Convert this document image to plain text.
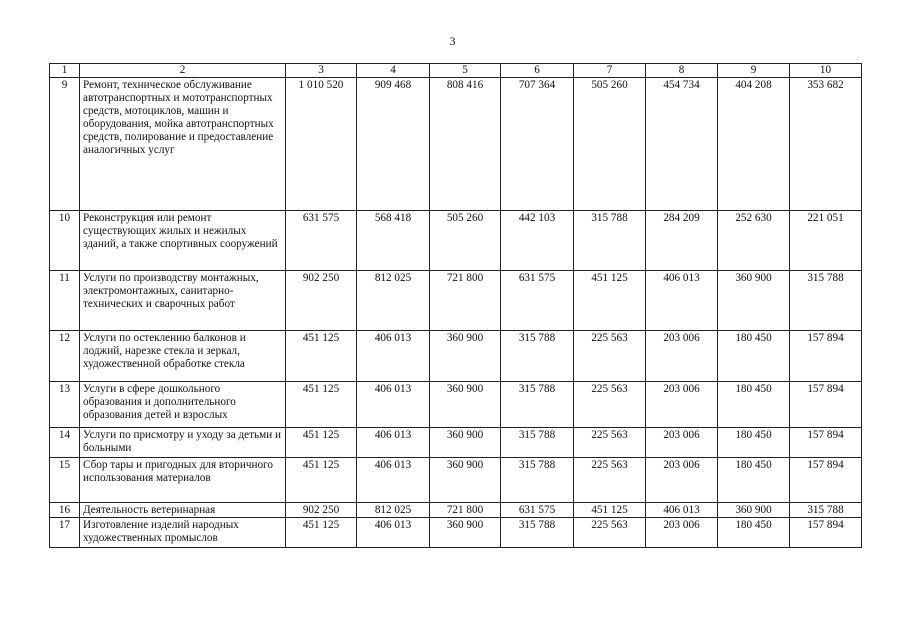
3
1	2	3	4	5	6	7	8	9	10
9	Ремонт, техническое обслуживание автотранспортных и мототранспортных средств, мотоциклов, машин и оборудования, мойка автотранспортных средств, полирование и предоставление аналогичных услуг	1 010 520	909 468	808 416	707 364	505 260	454 734	404 208	353 682
10	Реконструкция или ремонт существующих жилых и нежилых зданий, а также спортивных сооружений	631 575	568 418	505 260	442 103	315 788	284 209	252 630	221 051
11	Услуги по производству монтажных, электромонтажных, санитарно-технических и сварочных работ	902 250	812 025	721 800	631 575	451 125	406 013	360 900	315 788
12	Услуги по остеклению балконов и лоджий, нарезке стекла и зеркал, художественной обработке стекла	451 125	406 013	360 900	315 788	225 563	203 006	180 450	157 894
13	Услуги в сфере дошкольного образования и дополнительного образования детей и взрослых	451 125	406 013	360 900	315 788	225 563	203 006	180 450	157 894
14	Услуги по присмотру и уходу за детьми и больными	451 125	406 013	360 900	315 788	225 563	203 006	180 450	157 894
15	Сбор тары и пригодных для вторичного использования материалов	451 125	406 013	360 900	315 788	225 563	203 006	180 450	157 894
16	Деятельность ветеринарная	902 250	812 025	721 800	631 575	451 125	406 013	360 900	315 788
17	Изготовление изделий народных художественных промыслов	451 125	406 013	360 900	315 788	225 563	203 006	180 450	157 894
